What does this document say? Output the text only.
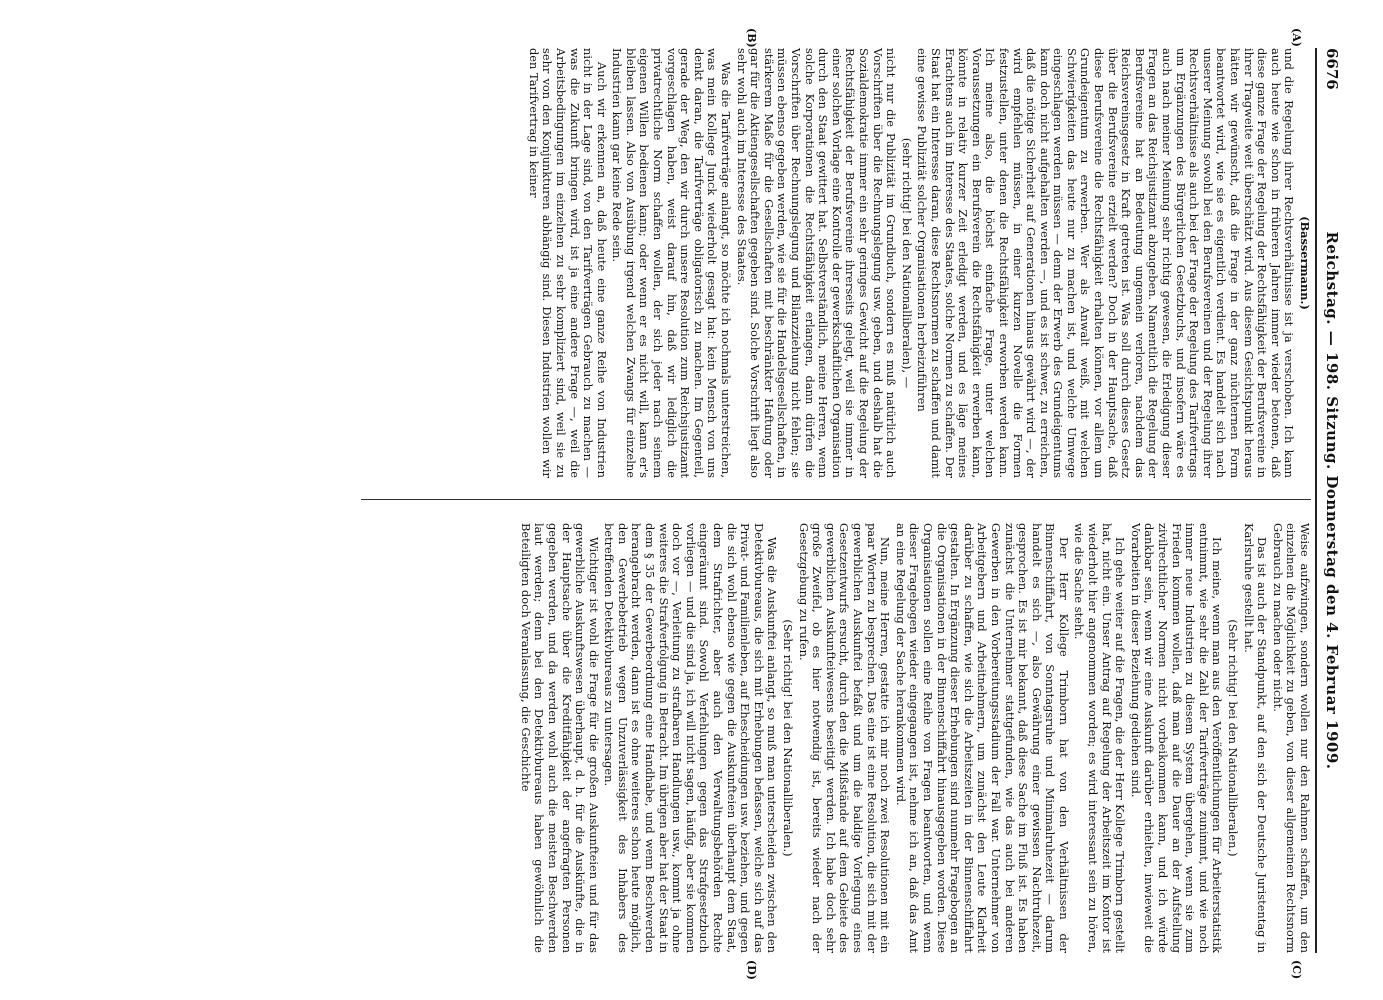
6676
Reichstag. — 198. Sitzung. Donnerstag den 4. Februar 1909.
(A)
(B)
(C)
(D)

(Bassermann.)

und die Regelung ihrer Rechtsverhältnisse ist ja verschoben. Ich kann auch heute wie schon in früheren Jahren immer wieder betonen, daß diese ganze Frage der Regelung der Rechtsfähigkeit der Berufsvereine in ihrer Tragweite weit überschätzt wird. Aus diesem Gesichtspunkt heraus hätten wir gewünscht, daß die Frage in der ganz nüchternen Form beantwortet wird, wie sie es eigentlich verdient. Es handelt sich nach unserer Meinung sowohl bei den Berufsvereinen und der Regelung ihrer Rechtsverhältnisse als auch bei der Frage der Regelung des Tarifvertrags um Ergänzungen des Bürgerlichen Gesetzbuchs, und insofern wäre es auch nach meiner Meinung sehr richtig gewesen, die Erledigung dieser Fragen an das Reichsjustizamt abzugeben. Namentlich die Regelung der Berufsvereine hat an Bedeutung ungemein verloren, nachdem das Reichsvereinsgesetz in Kraft getreten ist. Was soll durch dieses Gesetz über die Berufsvereine erzielt werden? Doch in der Hauptsache, daß diese Berufsvereine die Rechtsfähigkeit erhalten können, vor allem um Grundeigentum zu erwerben. Wer als Anwalt weiß, mit welchen Schwierigkeiten das heute nur zu machen ist, und welche Umwege eingeschlagen werden müssen — denn der Erwerb des Grundeigentums kann doch nicht aufgehalten werden —, und es ist schwer, zu erreichen, daß die nötige Sicherheit auf Generationen hinaus gewährt wird —, der wird empfehlen müssen, in einer kurzen Novelle die Formen festzustellen, unter denen die Rechtsfähigkeit erworben werden kann. Ich meine also, die höchst einfache Frage, unter welchen Voraussetzungen ein Berufsverein die Rechtsfähigkeit erwerben kann, könnte in relativ kurzer Zeit erledigt werden, und es läge meines Erachtens auch im Interesse des Staates, solche Normen zu schaffen. Der Staat hat ein Interesse daran, diese Rechtsnormen zu schaffen und damit eine gewisse Publizität solcher Organisationen herbeizuführen

(sehr richtig! bei den Nationalliberalen), —

nicht nur die Publizität im Grundbuch, sondern es muß natürlich auch Vorschriften über die Rechnungslegung usw. geben, und deshalb hat die Sozialdemokratie immer ein sehr geringes Gewicht auf die Regelung der Rechtsfähigkeit der Berufsvereine ihrerseits gelegt, weil sie immer in einer solchen Vorlage eine Kontrolle der gewerkschaftlichen Organisation durch den Staat gewittert hat. Selbstverständlich, meine Herren, wenn solche Korporationen die Rechtsfähigkeit erlangen, dann dürfen die Vorschriften über Rechnungslegung und Bilanzziehung nicht fehlen; sie müssen ebenso gegeben werden, wie sie für die Handelsgesellschaften, in stärkerem Maße für die Gesellschaften mit beschränkter Haftung oder gar für die Aktiengesellschaften gegeben sind. Solche Vorschrift liegt also sehr wohl auch im Interesse des Staates.

Was die Tarifverträge anlangt, so möchte ich nochmals unterstreichen, was mein Kollege Junck wiederholt gesagt hat: kein Mensch von uns denkt daran, die Tarifverträge obligatorisch zu machen. Im Gegenteil, gerade der Weg, den wir durch unsere Resolution zum Reichsjustizamt vorgeschlagen haben, weist darauf hin, daß wir lediglich die privatrechtliche Norm schaffen wollen, der sich jeder nach seinem eigenen Willen bedienen kann; oder wenn er es nicht will, kann er's bleiben lassen. Also von Ausübung irgend welchen Zwangs für einzelne Industrien kann gar keine Rede sein.

Auch wir erkennen an, daß heute eine ganze Reihe von Industrien nicht in der Lage sind, von den Tarifverträgen Gebrauch zu machen — was die Zukunft bringen wird, ist ja eine andere Frage —, weil die Arbeitsbedingungen im einzelnen zu sehr kompliziert sind, weil sie zu sehr von den Konjunkturen abhängig sind. Diesen Industrien wollen wir den Tarifvertrag in keiner

Weise aufzwingen, sondern wollen nur den Rahmen schaffen, um den einzelnen die Möglichkeit zu geben, von dieser allgemeinen Rechtsnorm Gebrauch zu machen oder nicht.

Das ist auch der Standpunkt, auf den sich der Deutsche Juristentag in Karlsruhe gestellt hat.

(Sehr richtig! bei den Nationalliberalen.)

Ich meine, wenn man aus den Veröffentlichungen für Arbeiterstatistik entnimmt, wie sehr die Zahl der Tarifverträge zunimmt, und wie noch immer neue Industrien zu diesem System übergehen, wenn sie zum Frieden kommen wollen, daß man auf die Dauer an der Aufstellung zivilrechtlicher Normen nicht vorbeikommen kann, und ich würde dankbar sein, wenn wir eine Auskunft darüber erhielten, inwieweit die Vorarbeiten in dieser Beziehung gediehen sind.

Ich gehe weiter auf die Fragen, die der Herr Kollege Trimborn gestellt hat, nicht ein. Unser Antrag auf Regelung der Arbeitszeit im Kontor ist wiederholt hier angenommen worden; es wird interessant sein zu hören, wie die Sache steht.

Der Herr Kollege Trimborn hat von den Verhältnissen der Binnenschiffahrt, von Sonntagsruhe und Minimalruhezeit — darum handelt es sich —, also Gewährung einer gewissen Nachtruhezeit, gesprochen. Es ist mir bekannt, daß diese Sache im Fluß ist. Es haben zunächst die Unternehmer stattgefunden, wie das auch bei anderen Gewerben in den Vorbereitungsstadium der Fall war. Unternehmer von Arbeitgebern und Arbeitnehmern, um zunächst den Leute Klarheit darüber zu schaffen, wie sich die Arbeitszeiten in der Binnenschiffahrt gestalten. In Ergänzung dieser Erhebungen sind nunmehr Fragebogen an die Organisationen in der Binnenschiffahrt hinausgegeben worden. Diese Organisationen sollen eine Reihe von Fragen beantworten, und wenn dieser Fragebogen wieder eingegangen ist, nehme ich an, daß das Amt an eine Regelung der Sache herankommen wird.

Nun, meine Herren, gestatte ich mir noch zwei Resolutionen mit ein paar Worten zu besprechen. Das eine ist eine Resolution, die sich mit der gewerblichen Auskunftei befaßt und um die baldige Vorlegung eines Gesetzentwurfs ersucht, durch den die Mißstände auf dem Gebiete des gewerblichen Auskunfteiwesens beseitigt werden. Ich habe doch sehr große Zweifel, ob es hier notwendig ist, bereits wieder nach der Gesetzgebung zu rufen.

(Sehr richtig! bei den Nationalliberalen.)

Was die Auskunftei anlangt, so muß man unterscheiden zwischen den Detektivbureaus, die sich mit Erhebungen befassen, welche sich auf das Privat- und Familienleben, auf Ehescheidungen usw. beziehen, und gegen die sich wohl ebenso wie gegen die Auskunfteien überhaupt dem Staat, dem Strafrichter, aber auch den Verwaltungsbehörden Rechte eingeräumt sind. Sowohl Verfehlungen gegen das Strafgesetzbuch vorliegen — und die sind ja, ich will nicht sagen, häufig, aber sie kommen doch vor —, Verleitung zu strafbaren Handlungen usw., kommt ja ohne weiteres die Strafverfolgung in Betracht. Im übrigen aber hat der Staat in dem § 35 der Gewerbeordnung eine Handhabe, und wenn Beschwerden herangebracht werden, dann ist es ohne weiteres schon heute möglich, den Gewerbebetrieb wegen Unzuverlässigkeit des Inhabers des betreffenden Detektivbureaus zu untersagen.

Wichtiger ist wohl die Frage für die großen Auskunfteien und für das gewerbliche Auskunftswesen überhaupt, d. h. für die Auskünfte, die in der Hauptsache über die Kreditfähigkeit der angefragten Personen gegeben werden, und da werden wohl auch die meisten Beschwerden laut werden; denn bei den Detektivbureaus haben gewöhnlich die Beteiligten doch Veranlassung, die Geschichte
